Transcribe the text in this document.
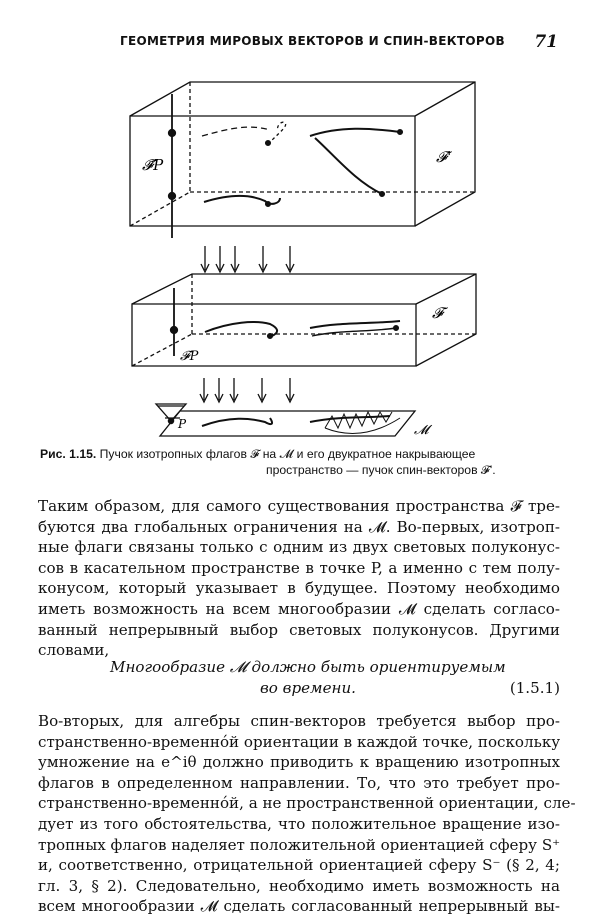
ГЕОМЕТРИЯ МИРОВЫХ ВЕКТОРОВ И СПИН-ВЕКТОРОВ 71
𝓕̃P	𝓕'
𝓕
𝓕P
P	𝓜
Рис. 1.15. Пучок изотропных флагов 𝓕 на 𝓜 и его двукратное накрывающее
пространство — пучок спин-векторов 𝓕'.
Таким образом, для самого существования пространства 𝓕 тре-
буются два глобальных ограничения на 𝓜. Во-первых, изотроп-
ные флаги связаны только с одним из двух световых полуконус-
сов в касательном пространстве в точке P, а именно с тем полу-
конусом, который указывает в будущее. Поэтому необходимо
иметь возможность на всем многообразии 𝓜 сделать согласо-
ванный непрерывный выбор световых полуконусов. Другими
словами,
Многообразие 𝓜 должно быть ориентируемым
во времени.	(1.5.1)
Во-вторых, для алгебры спин-векторов требуется выбор про-
странственно-временно́й ориентации в каждой точке, поскольку
умножение на e^iθ должно приводить к вращению изотропных
флагов в определенном направлении. То, что это требует про-
странственно-временно́й, а не пространственной ориентации, сле-
дует из того обстоятельства, что положительное вращение изо-
тропных флагов наделяет положительной ориентацией сферу S⁺
и, соответственно, отрицательной ориентацией сферу S⁻ (§ 2, 4;
гл. 3, § 2). Следовательно, необходимо иметь возможность на
всем многообразии 𝓜 сделать согласованный непрерывный вы-
